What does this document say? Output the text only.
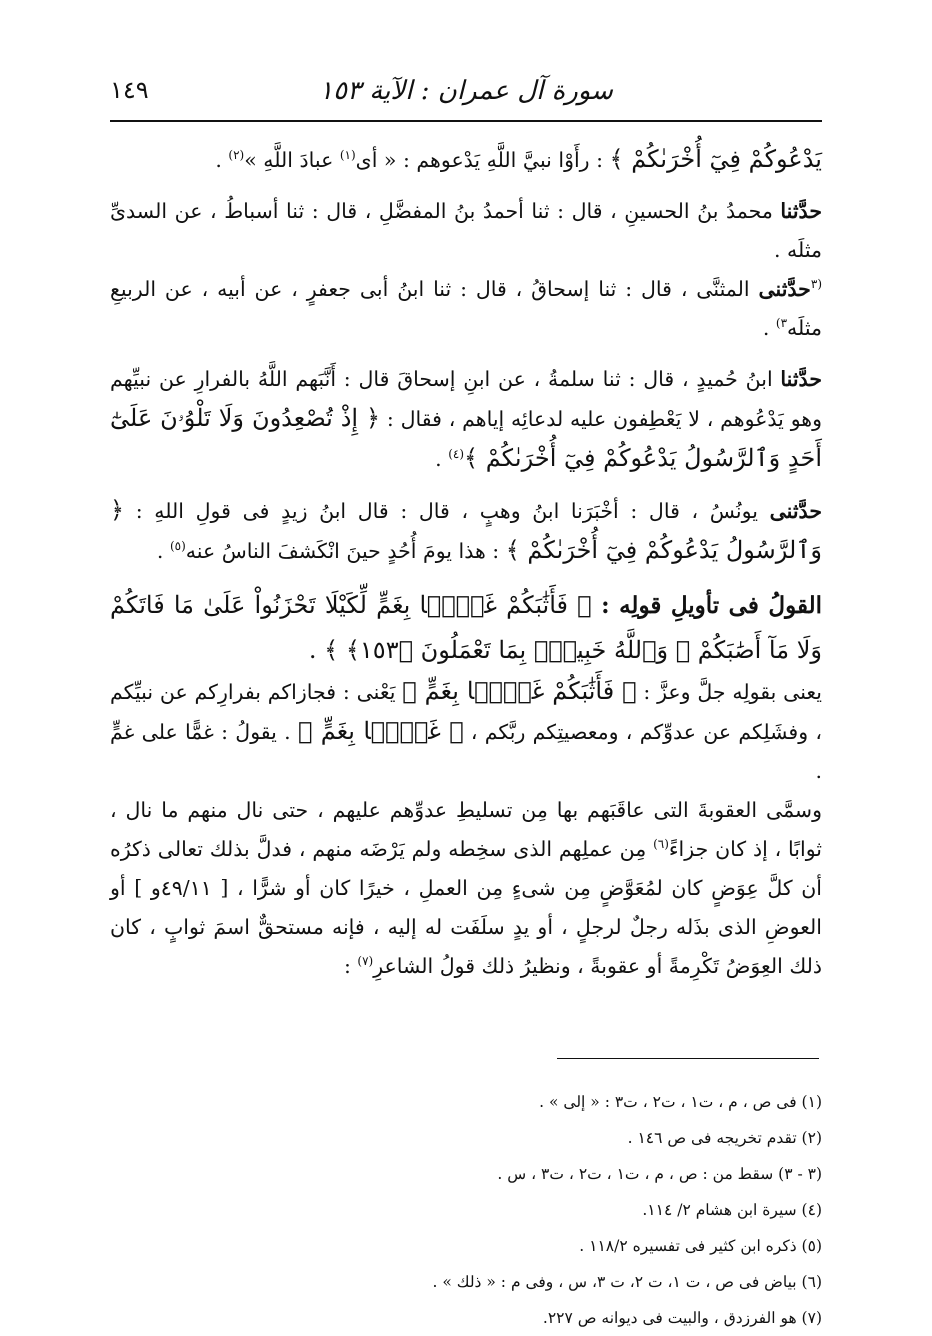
سورة آل عمران : الآية ١٥٣
١٤٩

يَدْعُوكُمْ فِيٓ أُخْرَىٰكُمْ ﴾ : رأَوْا نبيَّ اللَّهِ يَدْعوهم : « أى$^{(١)}$ عبادَ اللَّهِ »$^{(٢)}$ .

حدَّثنا محمدُ بنُ الحسينِ ، قال : ثنا أحمدُ بنُ المفضَّلِ ، قال : ثنا أسباطُ ، عن السدىِّ مثلَه .

$^{(٣}$حدَّثنى المثنَّى ، قال : ثنا إسحاقُ ، قال : ثنا ابنُ أبى جعفرٍ ، عن أبيه ، عن الربيعِ مثلَه$^{٣)}$ .

حدَّثنا ابنُ حُميدٍ ، قال : ثنا سلمةُ ، عن ابنِ إسحاقَ قال : أَنَّبَهم اللَّهُ بالفرارِ عن نبيِّهم وهو يَدْعُوهم ، لا يَعْطِفون عليه لدعائِه إياهم ، فقال : ﴿ إِذْ تُصْعِدُونَ وَلَا تَلْوُۥنَ عَلَىٰٓ أَحَدٍ وَٱلرَّسُولُ يَدْعُوكُمْ فِيٓ أُخْرَىٰكُمْ ﴾$^{(٤)}$ .

حدَّثنى يونُسُ ، قال : أخْبَرَنا ابنُ وهبٍ ، قال : قال ابنُ زيدٍ فى قولِ اللهِ : ﴿ وَٱلرَّسُولُ يَدْعُوكُمْ فِيٓ أُخْرَىٰكُمْ ﴾ : هذا يومَ أُحُدٍ حينَ انْكَشفَ الناسُ عنه$^{(٥)}$ .

القولُ فى تأويلِ قولِه : ﴿ فَأَثَٰبَكُمْ غَمَّۢا بِغَمٍّ لِّكَيْلَا تَحْزَنُواْ عَلَىٰ مَا فَاتَكُمْ وَلَا مَآ أَصَٰبَكُمْ ۗ وَٱللَّهُ خَبِيرٌۢ بِمَا تَعْمَلُونَ ﴿١٥٣﴾ ﴾ .

يعنى بقولِه جلَّ وعزَّ : ﴿ فَأَثَٰبَكُمْ غَمَّۢا بِغَمٍّ ﴾ يَعْنى : فجازاكم بفرارِكم عن نبيِّكم ، وفشَلِكم عن عدوِّكم ، ومعصيتِكم ربَّكم ، ﴿ غَمَّۢا بِغَمٍّ ﴾ . يقولُ : غمًّا على غمٍّ .

وسمَّى العقوبةَ التى عاقَبَهم بها مِن تسليطِ عدوِّهم عليهم ، حتى نال منهم ما نال ، ثوابًا ، إذ كان جزاءً$^{(٦)}$ مِن عملِهم الذى سخِطه ولم يَرْضَه منهم ، فدلَّ بذلك تعالى ذكرُه أن كلَّ عِوَضٍ كان لمُعَوَّضٍ مِن شىءٍ مِن العملِ ، خيرًا كان أو شرًّا ، [ ٤٩/١١و ] أو العوضِ الذى بذَله رجلٌ لرجلٍ ، أو يدٍ سلَفَت له إليه ، فإنه مستحقٌّ اسمَ ثوابٍ ، كان ذلك العِوَضُ تَكْرِمةً أو عقوبةً ، ونظيرُ ذلك قولُ الشاعرِ$^{(٧)}$ :

(١) فى ص ، م ، ت١ ، ت٢ ، ت٣ : « إلى » .

(٢) تقدم تخريجه فى ص ١٤٦ .

(٣ - ٣) سقط من : ص ، م ، ت١ ، ت٢ ، ت٣ ، س .

(٤) سيرة ابن هشام ٢/ ١١٤.

(٥) ذكره ابن كثير فى تفسيره ١١٨/٢ .

(٦) بياض فى ص ، ت ١، ت ٢، ت ٣، س ، وفى م : « ذلك » .

(٧) هو الفرزدق ، والبيت فى ديوانه ص ٢٢٧.
